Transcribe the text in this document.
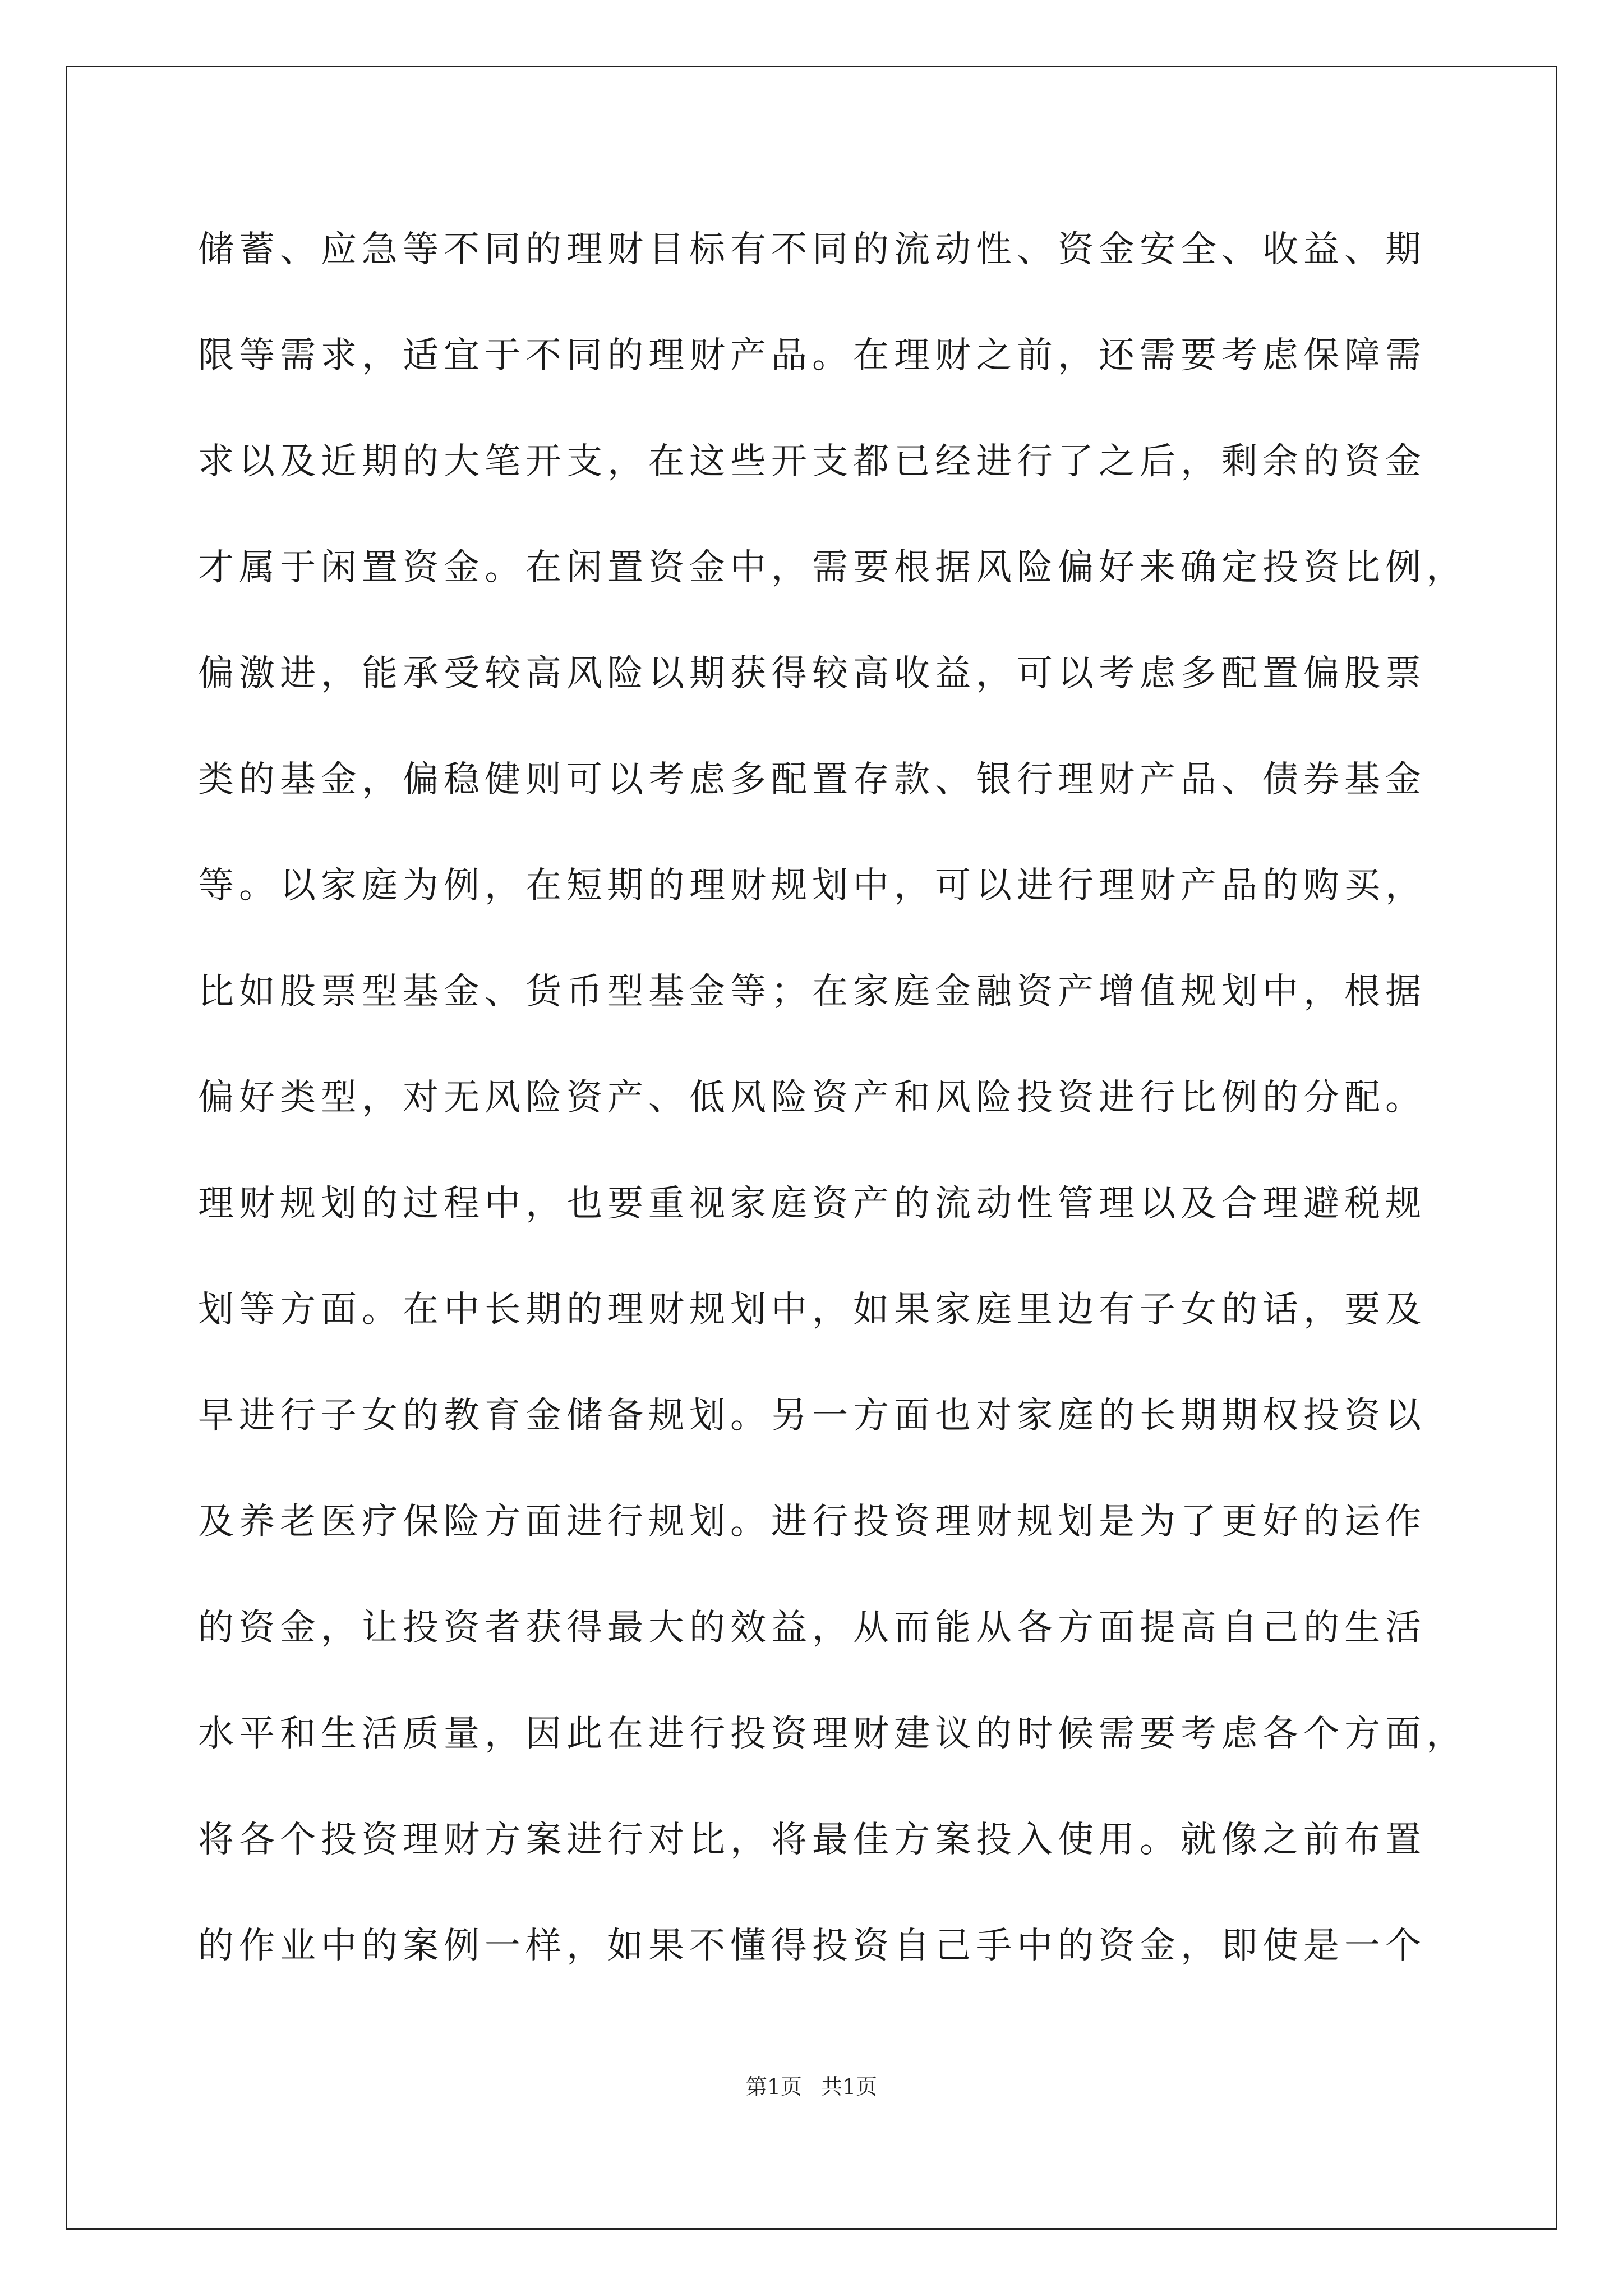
储蓄、应急等不同的理财目标有不同的流动性、资金安全、收益、期
限等需求，适宜于不同的理财产品。在理财之前，还需要考虑保障需
求以及近期的大笔开支，在这些开支都已经进行了之后，剩余的资金
才属于闲置资金。在闲置资金中，需要根据风险偏好来确定投资比例，
偏激进，能承受较高风险以期获得较高收益，可以考虑多配置偏股票
类的基金，偏稳健则可以考虑多配置存款、银行理财产品、债券基金
等。以家庭为例，在短期的理财规划中，可以进行理财产品的购买，
比如股票型基金、货币型基金等；在家庭金融资产增值规划中，根据
偏好类型，对无风险资产、低风险资产和风险投资进行比例的分配。
理财规划的过程中，也要重视家庭资产的流动性管理以及合理避税规
划等方面。在中长期的理财规划中，如果家庭里边有子女的话，要及
早进行子女的教育金储备规划。另一方面也对家庭的长期期权投资以
及养老医疗保险方面进行规划。进行投资理财规划是为了更好的运作
的资金，让投资者获得最大的效益，从而能从各方面提高自己的生活
水平和生活质量，因此在进行投资理财建议的时候需要考虑各个方面，
将各个投资理财方案进行对比，将最佳方案投入使用。就像之前布置
的作业中的案例一样，如果不懂得投资自己手中的资金，即使是一个
第1页 共1页
